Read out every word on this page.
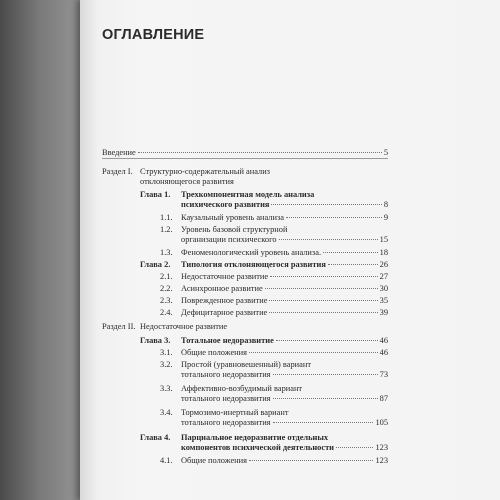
ОГЛАВЛЕНИЕ
Введение	5
Раздел I. Структурно-содержательный анализ
отклоняющегося развития
Глава 1. Трехкомпонентная модель анализа
психического развития	8
1.1. Каузальный уровень анализа	9
1.2. Уровень базовой структурной
организации психического	15
1.3. Феноменологический уровень анализа.	18
Глава 2. Типология отклоняющегося развития	26
2.1. Недостаточное развитие	27
2.2. Асинхронное развитие	30
2.3. Поврежденное развитие	35
2.4. Дефицитарное развитие	39
Раздел II. Недостаточное развитие
Глава 3. Тотальное недоразвитие	46
3.1. Общие положения	46
3.2. Простой (уравновешенный) вариант
тотального недоразвития	73
3.3. Аффективно-возбудимый вариант
тотального недоразвития	87
3.4. Тормозимо-инертный вариант
тотального недоразвития	105
Глава 4. Парциальное недоразвитие отдельных
компонентов психической деятельности	123
4.1. Общие положения	123
